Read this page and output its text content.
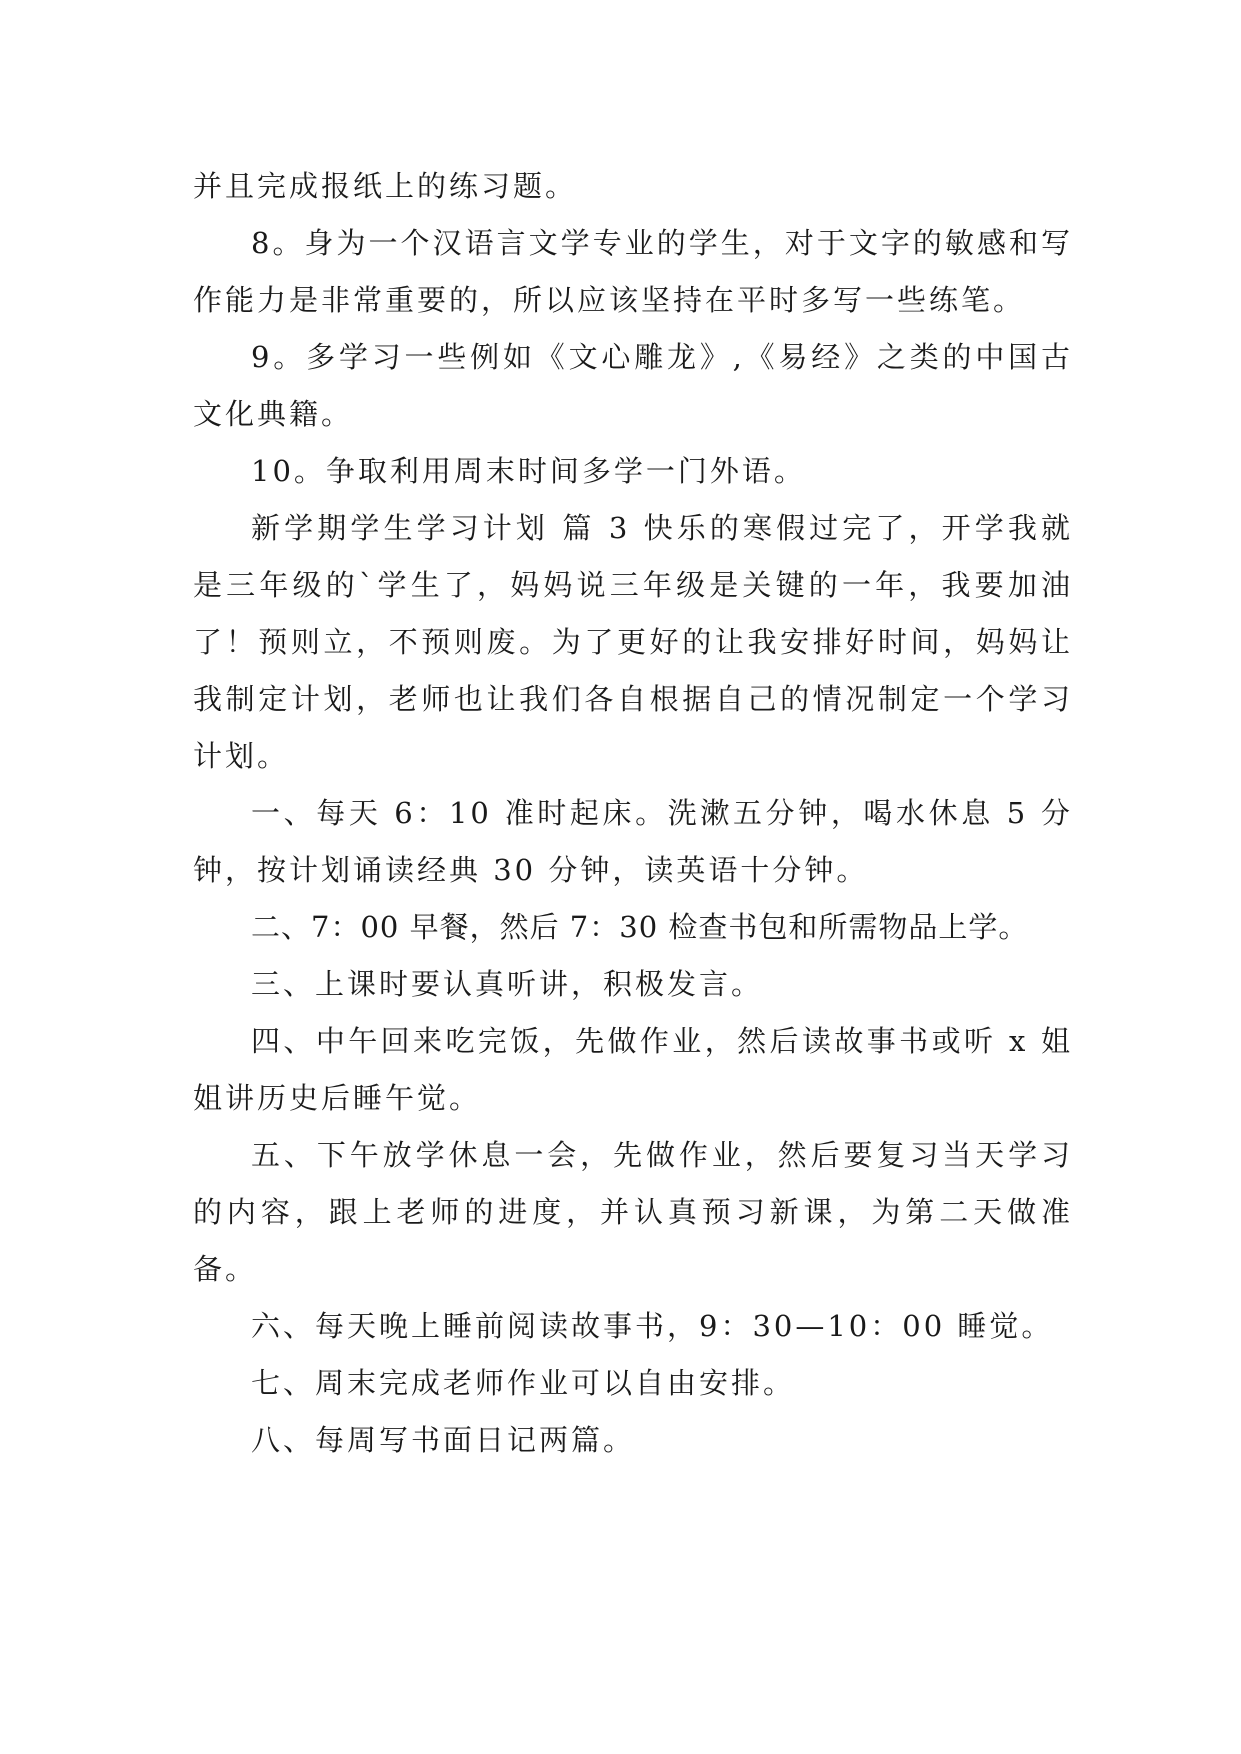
并且完成报纸上的练习题。

8。身为一个汉语言文学专业的学生，对于文字的敏感和写作能力是非常重要的，所以应该坚持在平时多写一些练笔。

9。多学习一些例如《文心雕龙》,《易经》之类的中国古文化典籍。

10。争取利用周末时间多学一门外语。

新学期学生学习计划 篇 3 快乐的寒假过完了，开学我就是三年级的`学生了，妈妈说三年级是关键的一年，我要加油了！预则立，不预则废。为了更好的让我安排好时间，妈妈让我制定计划，老师也让我们各自根据自己的情况制定一个学习计划。

一、每天 6：10 准时起床。洗漱五分钟，喝水休息 5 分钟，按计划诵读经典 30 分钟，读英语十分钟。

二、7：00 早餐，然后 7：30 检查书包和所需物品上学。

三、上课时要认真听讲，积极发言。

四、中午回来吃完饭，先做作业，然后读故事书或听 x 姐姐讲历史后睡午觉。

五、下午放学休息一会，先做作业，然后要复习当天学习的内容，跟上老师的进度，并认真预习新课，为第二天做准备。

六、每天晚上睡前阅读故事书，9：30—10：00 睡觉。

七、周末完成老师作业可以自由安排。

八、每周写书面日记两篇。
